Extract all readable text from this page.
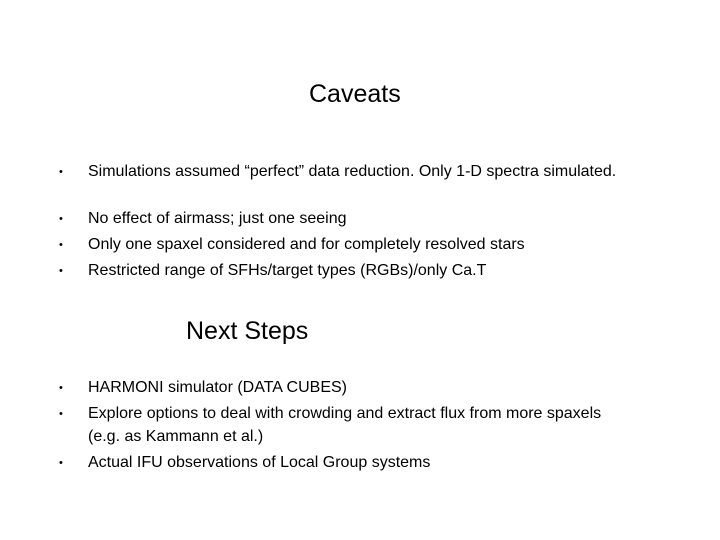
Caveats
• Simulations assumed “perfect” data reduction. Only 1-D spectra simulated.
• No effect of airmass; just one seeing
• Only one spaxel considered and for completely resolved stars
• Restricted range of SFHs/target types (RGBs)/only Ca.T
Next Steps
• HARMONI simulator (DATA CUBES)
• Explore options to deal with crowding and extract flux from more spaxels (e.g. as Kammann et al.)
• Actual IFU observations of Local Group systems
